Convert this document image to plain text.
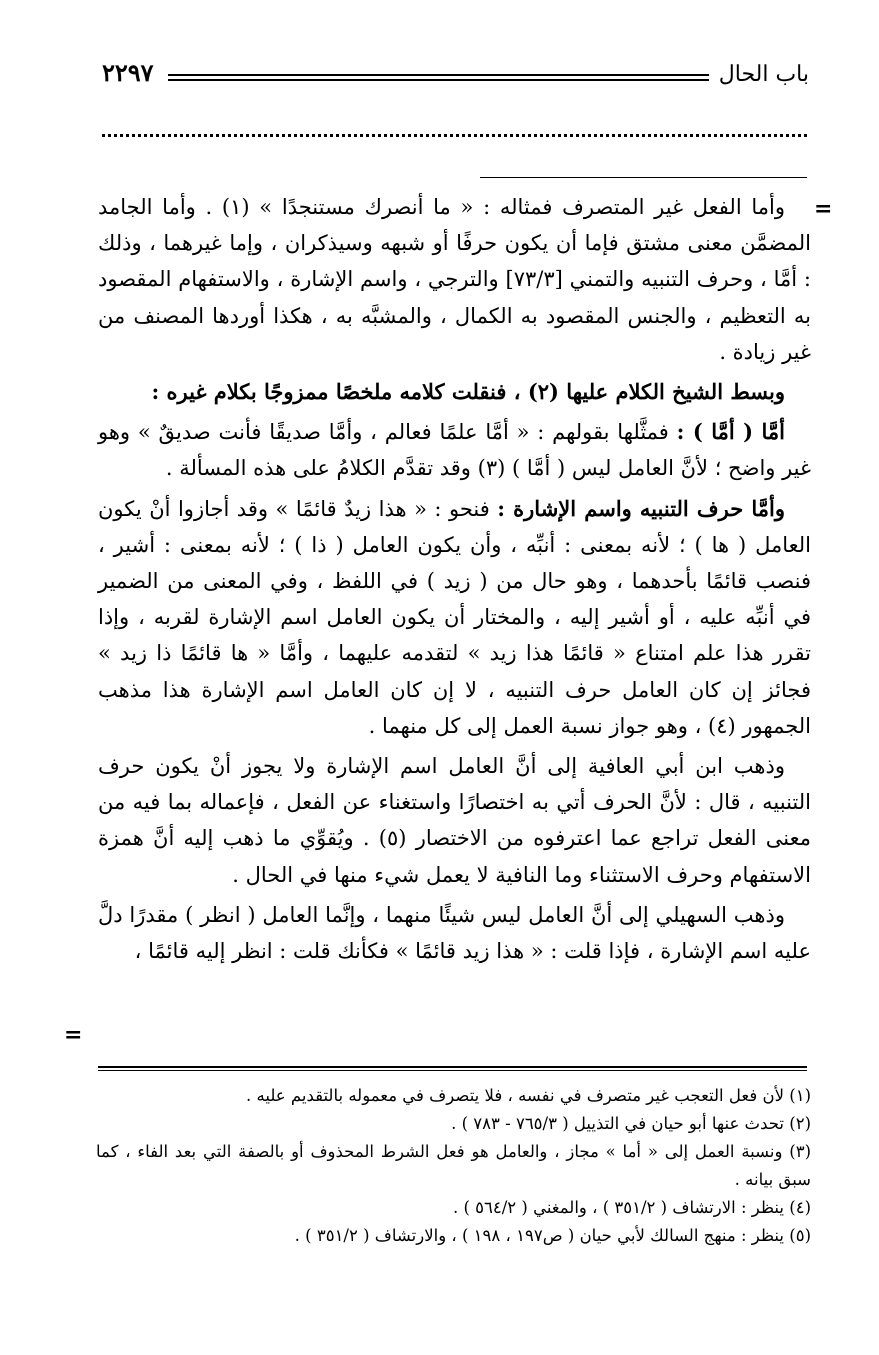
باب الحال
٢٢٩٧
=

وأما الفعل غير المتصرف فمثاله : « ما أنصرك مستنجدًا » (١) . وأما الجامد المضمَّن معنى مشتق فإما أن يكون حرفًا أو شبهه وسيذكران ، وإما غيرهما ، وذلك : أمَّا ، وحرف التنبيه والتمني [٧٣/٣] والترجي ، واسم الإشارة ، والاستفهام المقصود به التعظيم ، والجنس المقصود به الكمال ، والمشبَّه به ، هكذا أوردها المصنف من غير زيادة .

وبسط الشيخ الكلام عليها (٢) ، فنقلت كلامه ملخصًا ممزوجًا بكلام غيره :

أمَّا ( أمَّا ) : فمثَّلها بقولهم : « أمَّا علمًا فعالم ، وأمَّا صديقًا فأنت صديقٌ » وهو غير واضح ؛ لأنَّ العامل ليس ( أمَّا ) (٣) وقد تقدَّم الكلامُ على هذه المسألة .

وأمَّا حرف التنبيه واسم الإشارة : فنحو : « هذا زيدٌ قائمًا » وقد أجازوا أنْ يكون العامل ( ها ) ؛ لأنه بمعنى : أنبِّه ، وأن يكون العامل ( ذا ) ؛ لأنه بمعنى : أشير ، فنصب قائمًا بأحدهما ، وهو حال من ( زيد ) في اللفظ ، وفي المعنى من الضمير في أنبِّه عليه ، أو أشير إليه ، والمختار أن يكون العامل اسم الإشارة لقربه ، وإذا تقرر هذا علم امتناع « قائمًا هذا زيد » لتقدمه عليهما ، وأمَّا « ها قائمًا ذا زيد » فجائز إن كان العامل حرف التنبيه ، لا إن كان العامل اسم الإشارة هذا مذهب الجمهور (٤) ، وهو جواز نسبة العمل إلى كل منهما .

وذهب ابن أبي العافية إلى أنَّ العامل اسم الإشارة ولا يجوز أنْ يكون حرف التنبيه ، قال : لأنَّ الحرف أتي به اختصارًا واستغناء عن الفعل ، فإعماله بما فيه من معنى الفعل تراجع عما اعترفوه من الاختصار (٥) . ويُقوِّي ما ذهب إليه أنَّ همزة الاستفهام وحرف الاستثناء وما النافية لا يعمل شيء منها في الحال .

وذهب السهيلي إلى أنَّ العامل ليس شيئًا منهما ، وإنَّما العامل ( انظر ) مقدرًا دلَّ عليه اسم الإشارة ، فإذا قلت : « هذا زيد قائمًا » فكأنك قلت : انظر إليه قائمًا ،

=
(١) لأن فعل التعجب غير متصرف في نفسه ، فلا يتصرف في معموله بالتقديم عليه .
(٢) تحدث عنها أبو حيان في التذييل ( ٧٦٥/٣ - ٧٨٣ ) .
(٣) ونسبة العمل إلى « أما » مجاز ، والعامل هو فعل الشرط المحذوف أو بالصفة التي بعد الفاء ، كما سبق بيانه .
(٤) ينظر : الارتشاف ( ٣٥١/٢ ) ، والمغني ( ٥٦٤/٢ ) .
(٥) ينظر : منهج السالك لأبي حيان ( ص١٩٧ ، ١٩٨ ) ، والارتشاف ( ٣٥١/٢ ) .
